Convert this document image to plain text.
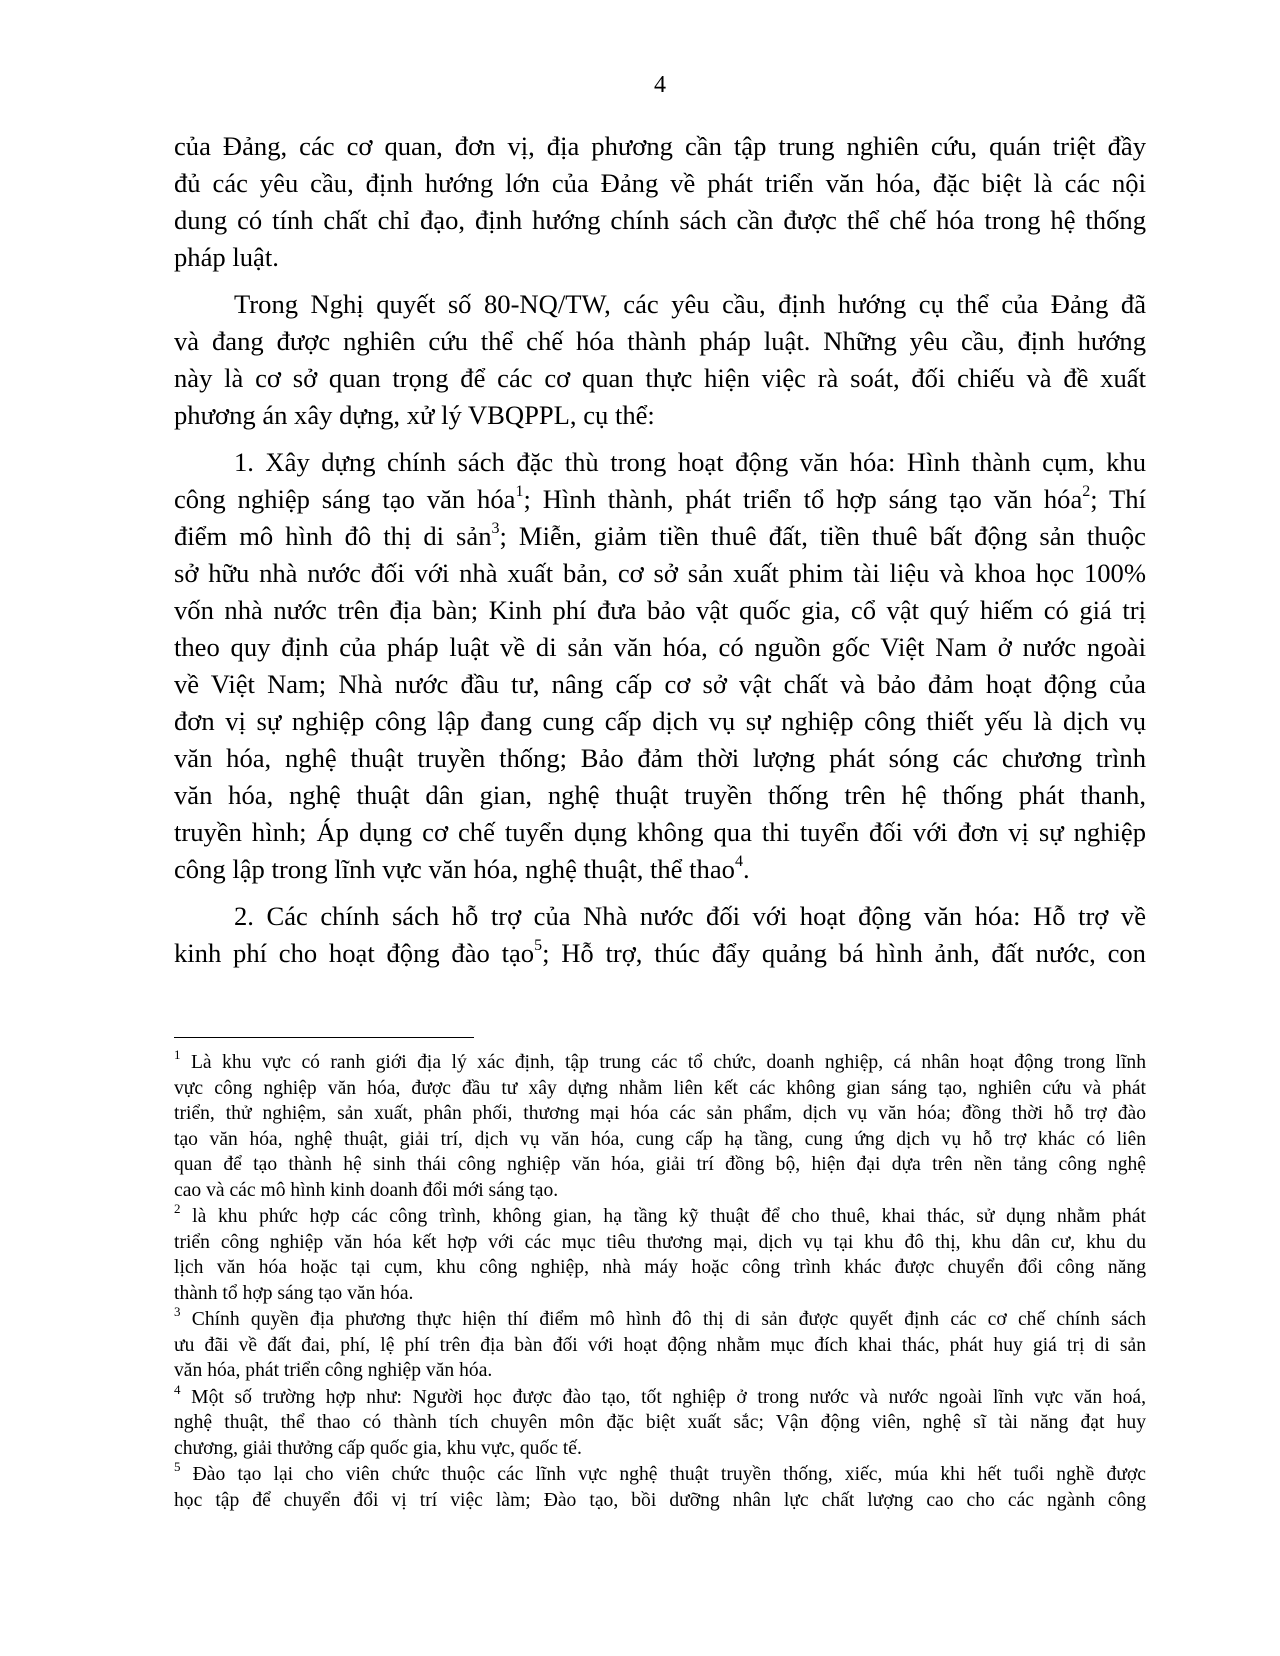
4
của Đảng, các cơ quan, đơn vị, địa phương cần tập trung nghiên cứu, quán triệt đầy
đủ các yêu cầu, định hướng lớn của Đảng về phát triển văn hóa, đặc biệt là các nội
dung có tính chất chỉ đạo, định hướng chính sách cần được thể chế hóa trong hệ thống
pháp luật.
Trong Nghị quyết số 80-NQ/TW, các yêu cầu, định hướng cụ thể của Đảng đã
và đang được nghiên cứu thể chế hóa thành pháp luật. Những yêu cầu, định hướng
này là cơ sở quan trọng để các cơ quan thực hiện việc rà soát, đối chiếu và đề xuất
phương án xây dựng, xử lý VBQPPL, cụ thể:
1. Xây dựng chính sách đặc thù trong hoạt động văn hóa: Hình thành cụm, khu
công nghiệp sáng tạo văn hóa$^1$; Hình thành, phát triển tổ hợp sáng tạo văn hóa$^2$; Thí
điểm mô hình đô thị di sản$^3$; Miễn, giảm tiền thuê đất, tiền thuê bất động sản thuộc
sở hữu nhà nước đối với nhà xuất bản, cơ sở sản xuất phim tài liệu và khoa học 100%
vốn nhà nước trên địa bàn; Kinh phí đưa bảo vật quốc gia, cổ vật quý hiếm có giá trị
theo quy định của pháp luật về di sản văn hóa, có nguồn gốc Việt Nam ở nước ngoài
về Việt Nam; Nhà nước đầu tư, nâng cấp cơ sở vật chất và bảo đảm hoạt động của
đơn vị sự nghiệp công lập đang cung cấp dịch vụ sự nghiệp công thiết yếu là dịch vụ
văn hóa, nghệ thuật truyền thống; Bảo đảm thời lượng phát sóng các chương trình
văn hóa, nghệ thuật dân gian, nghệ thuật truyền thống trên hệ thống phát thanh,
truyền hình; Áp dụng cơ chế tuyển dụng không qua thi tuyển đối với đơn vị sự nghiệp
công lập trong lĩnh vực văn hóa, nghệ thuật, thể thao$^4$.
2. Các chính sách hỗ trợ của Nhà nước đối với hoạt động văn hóa: Hỗ trợ về
kinh phí cho hoạt động đào tạo$^5$; Hỗ trợ, thúc đẩy quảng bá hình ảnh, đất nước, con
$^1$ Là khu vực có ranh giới địa lý xác định, tập trung các tổ chức, doanh nghiệp, cá nhân hoạt động trong lĩnh
vực công nghiệp văn hóa, được đầu tư xây dựng nhằm liên kết các không gian sáng tạo, nghiên cứu và phát
triển, thử nghiệm, sản xuất, phân phối, thương mại hóa các sản phẩm, dịch vụ văn hóa; đồng thời hỗ trợ đào
tạo văn hóa, nghệ thuật, giải trí, dịch vụ văn hóa, cung cấp hạ tầng, cung ứng dịch vụ hỗ trợ khác có liên
quan để tạo thành hệ sinh thái công nghiệp văn hóa, giải trí đồng bộ, hiện đại dựa trên nền tảng công nghệ
cao và các mô hình kinh doanh đổi mới sáng tạo.
$^2$ là khu phức hợp các công trình, không gian, hạ tầng kỹ thuật để cho thuê, khai thác, sử dụng nhằm phát
triển công nghiệp văn hóa kết hợp với các mục tiêu thương mại, dịch vụ tại khu đô thị, khu dân cư, khu du
lịch văn hóa hoặc tại cụm, khu công nghiệp, nhà máy hoặc công trình khác được chuyển đổi công năng
thành tổ hợp sáng tạo văn hóa.
$^3$ Chính quyền địa phương thực hiện thí điểm mô hình đô thị di sản được quyết định các cơ chế chính sách
ưu đãi về đất đai, phí, lệ phí trên địa bàn đối với hoạt động nhằm mục đích khai thác, phát huy giá trị di sản
văn hóa, phát triển công nghiệp văn hóa.
$^4$ Một số trường hợp như: Người học được đào tạo, tốt nghiệp ở trong nước và nước ngoài lĩnh vực văn hoá,
nghệ thuật, thể thao có thành tích chuyên môn đặc biệt xuất sắc; Vận động viên, nghệ sĩ tài năng đạt huy
chương, giải thưởng cấp quốc gia, khu vực, quốc tế.
$^5$ Đào tạo lại cho viên chức thuộc các lĩnh vực nghệ thuật truyền thống, xiếc, múa khi hết tuổi nghề được
học tập để chuyển đổi vị trí việc làm; Đào tạo, bồi dưỡng nhân lực chất lượng cao cho các ngành công
